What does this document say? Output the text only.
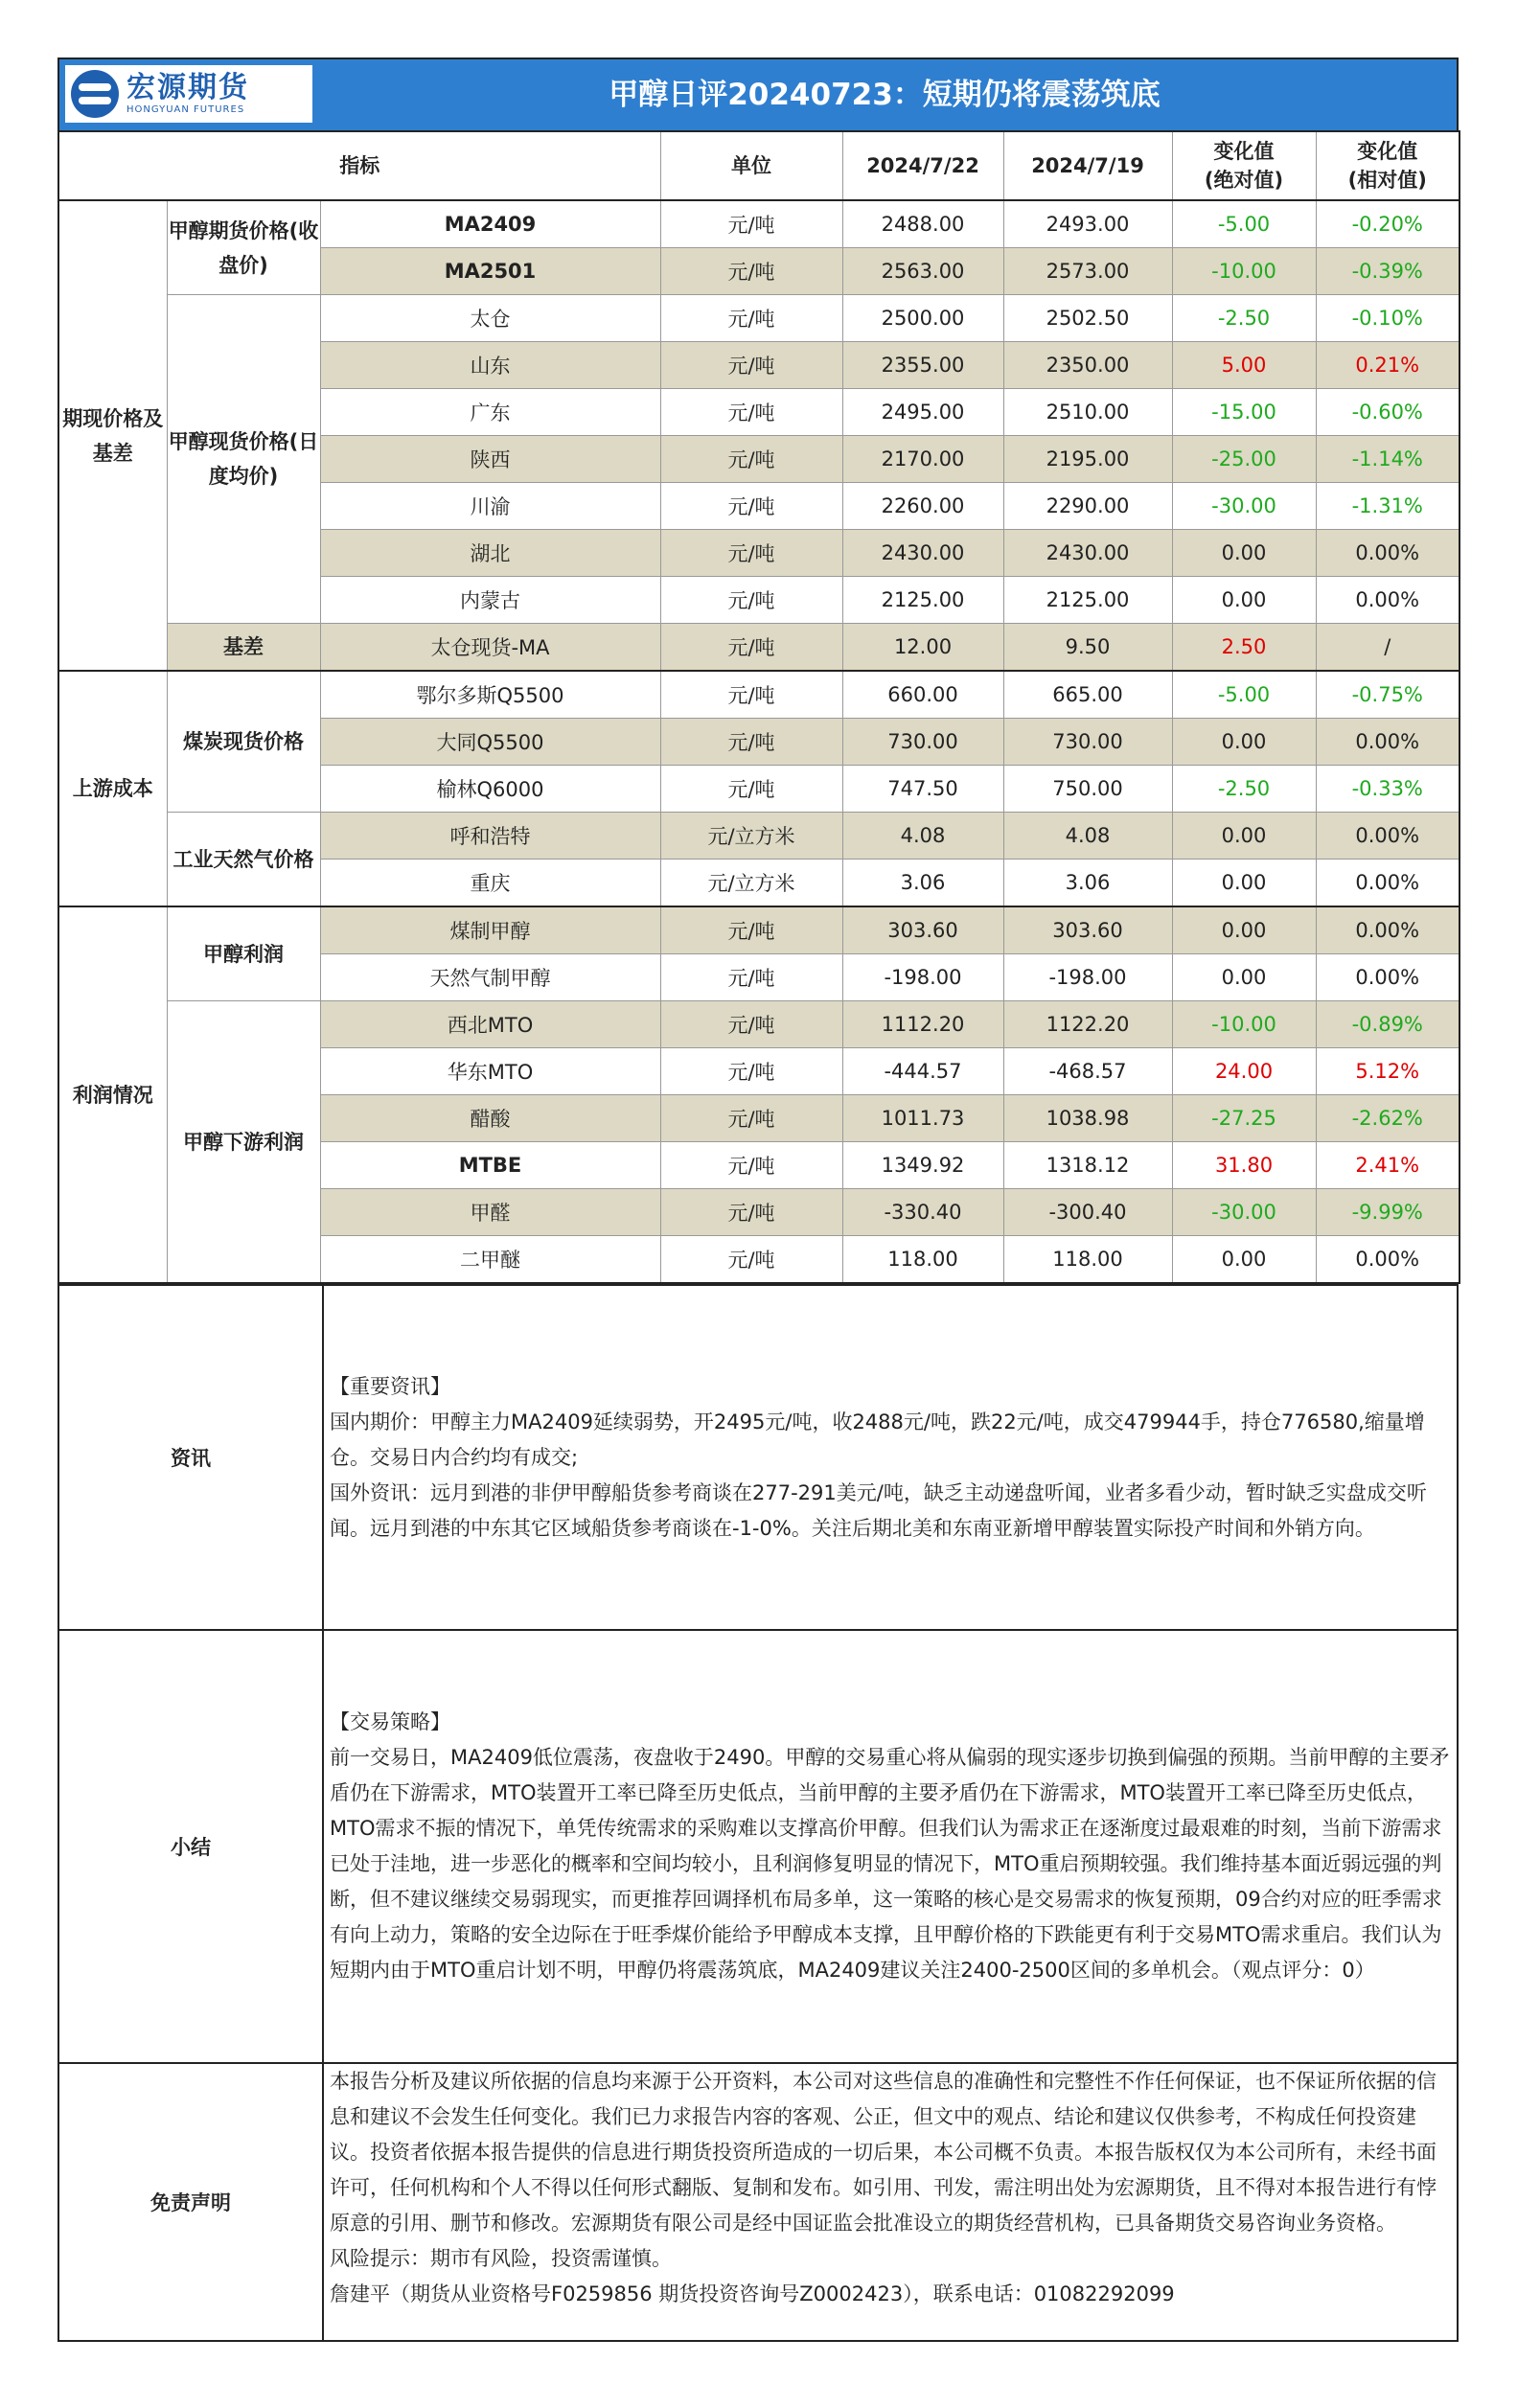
宏源期货
HONGYUAN FUTURES	甲醇日评20240723：短期仍将震荡筑底
指标			单位	2024/7/22	2024/7/19	变化值
(绝对值)	变化值
(相对值)
期现价格及基差	甲醇期货价格(收盘价)	MA2409	元/吨	2488.00	2493.00	-5.00	-0.20%
		MA2501	元/吨	2563.00	2573.00	-10.00	-0.39%
	甲醇现货价格(日度均价)	太仓	元/吨	2500.00	2502.50	-2.50	-0.10%
		山东	元/吨	2355.00	2350.00	5.00	0.21%
		广东	元/吨	2495.00	2510.00	-15.00	-0.60%
		陕西	元/吨	2170.00	2195.00	-25.00	-1.14%
		川渝	元/吨	2260.00	2290.00	-30.00	-1.31%
		湖北	元/吨	2430.00	2430.00	0.00	0.00%
		内蒙古	元/吨	2125.00	2125.00	0.00	0.00%
	基差	太仓现货-MA	元/吨	12.00	9.50	2.50	/
上游成本	煤炭现货价格	鄂尔多斯Q5500	元/吨	660.00	665.00	-5.00	-0.75%
		大同Q5500	元/吨	730.00	730.00	0.00	0.00%
		榆林Q6000	元/吨	747.50	750.00	-2.50	-0.33%
	工业天然气价格	呼和浩特	元/立方米	4.08	4.08	0.00	0.00%
		重庆	元/立方米	3.06	3.06	0.00	0.00%
利润情况	甲醇利润	煤制甲醇	元/吨	303.60	303.60	0.00	0.00%
		天然气制甲醇	元/吨	-198.00	-198.00	0.00	0.00%
	甲醇下游利润	西北MTO	元/吨	1112.20	1122.20	-10.00	-0.89%
		华东MTO	元/吨	-444.57	-468.57	24.00	5.12%
		醋酸	元/吨	1011.73	1038.98	-27.25	-2.62%
		MTBE	元/吨	1349.92	1318.12	31.80	2.41%
		甲醛	元/吨	-330.40	-300.40	-30.00	-9.99%
		二甲醚	元/吨	118.00	118.00	0.00	0.00%
资讯	【重要资讯】
国内期价：甲醇主力MA2409延续弱势，开2495元/吨，收2488元/吨，跌22元/吨，成交479944手，持仓776580,缩量增仓。交易日内合约均有成交;
国外资讯：远月到港的非伊甲醇船货参考商谈在277-291美元/吨，缺乏主动递盘听闻，业者多看少动，暂时缺乏实盘成交听闻。远月到港的中东其它区域船货参考商谈在-1-0%。关注后期北美和东南亚新增甲醇装置实际投产时间和外销方向。

小结	【交易策略】
前一交易日，MA2409低位震荡，夜盘收于2490。甲醇的交易重心将从偏弱的现实逐步切换到偏强的预期。当前甲醇的主要矛盾仍在下游需求，MTO装置开工率已降至历史低点，当前甲醇的主要矛盾仍在下游需求，MTO装置开工率已降至历史低点，MTO需求不振的情况下，单凭传统需求的采购难以支撑高价甲醇。但我们认为需求正在逐渐度过最艰难的时刻，当前下游需求已处于洼地，进一步恶化的概率和空间均较小，且利润修复明显的情况下，MTO重启预期较强。我们维持基本面近弱远强的判断，但不建议继续交易弱现实，而更推荐回调择机布局多单，这一策略的核心是交易需求的恢复预期，09合约对应的旺季需求有向上动力，策略的安全边际在于旺季煤价能给予甲醇成本支撑，且甲醇价格的下跌能更有利于交易MTO需求重启。我们认为短期内由于MTO重启计划不明，甲醇仍将震荡筑底，MA2409建议关注2400-2500区间的多单机会。（观点评分：0）

免责声明	本报告分析及建议所依据的信息均来源于公开资料，本公司对这些信息的准确性和完整性不作任何保证，也不保证所依据的信息和建议不会发生任何变化。我们已力求报告内容的客观、公正，但文中的观点、结论和建议仅供参考，不构成任何投资建议。投资者依据本报告提供的信息进行期货投资所造成的一切后果，本公司概不负责。本报告版权仅为本公司所有，未经书面许可，任何机构和个人不得以任何形式翻版、复制和发布。如引用、刊发，需注明出处为宏源期货，且不得对本报告进行有悖原意的引用、删节和修改。宏源期货有限公司是经中国证监会批准设立的期货经营机构，已具备期货交易咨询业务资格。
风险提示：期市有风险，投资需谨慎。
詹建平（期货从业资格号F0259856 期货投资咨询号Z0002423），联系电话：01082292099
